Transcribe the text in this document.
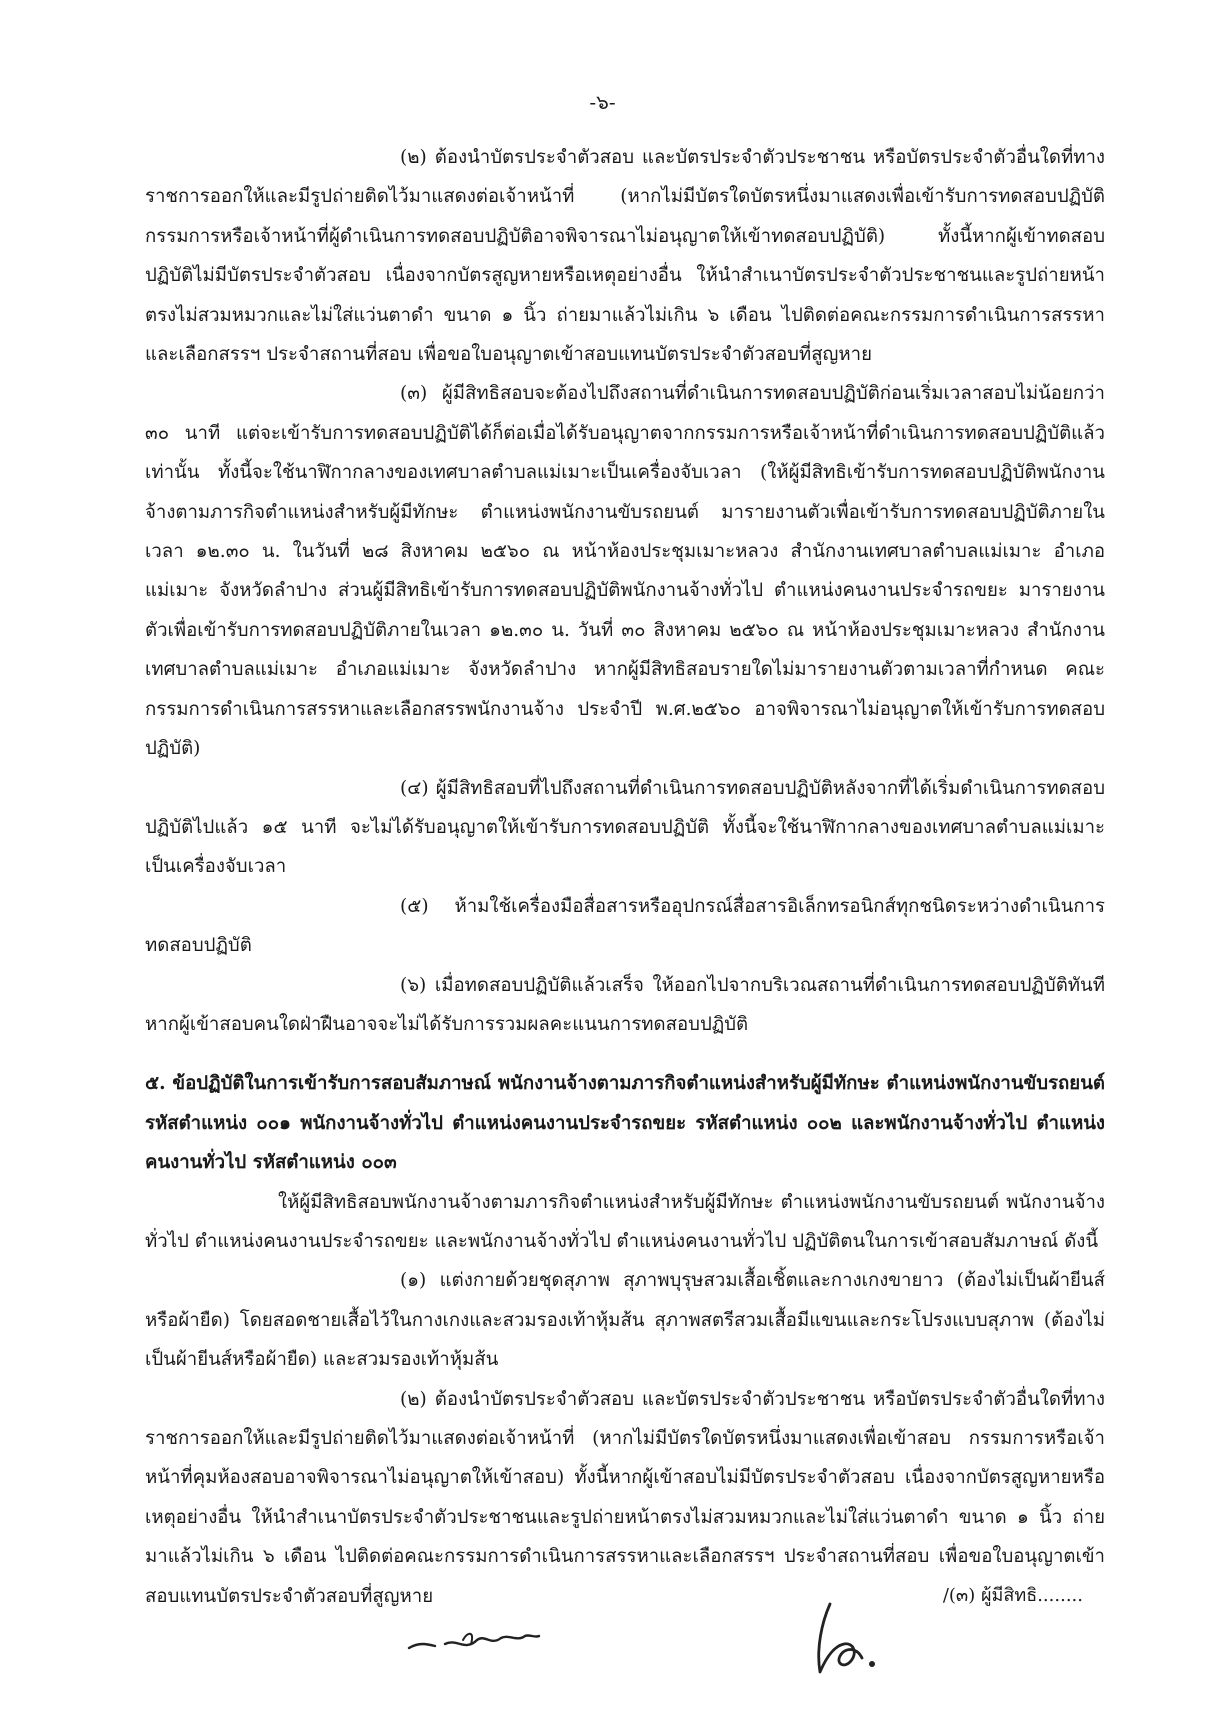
-๖-

(๒) ต้องนำบัตรประจำตัวสอบ และบัตรประจำตัวประชาชน หรือบัตรประจำตัวอื่นใดที่ทางราชการออกให้และมีรูปถ่ายติดไว้มาแสดงต่อเจ้าหน้าที่ (หากไม่มีบัตรใดบัตรหนึ่งมาแสดงเพื่อเข้ารับการทดสอบปฏิบัติ กรรมการหรือเจ้าหน้าที่ผู้ดำเนินการทดสอบปฏิบัติอาจพิจารณาไม่อนุญาตให้เข้าทดสอบปฏิบัติ) ทั้งนี้หากผู้เข้าทดสอบปฏิบัติไม่มีบัตรประจำตัวสอบ เนื่องจากบัตรสูญหายหรือเหตุอย่างอื่น ให้นำสำเนาบัตรประจำตัวประชาชนและรูปถ่ายหน้าตรงไม่สวมหมวกและไม่ใส่แว่นตาดำ ขนาด ๑ นิ้ว ถ่ายมาแล้วไม่เกิน ๖ เดือน ไปติดต่อคณะกรรมการดำเนินการสรรหาและเลือกสรรฯ ประจำสถานที่สอบ เพื่อขอใบอนุญาตเข้าสอบแทนบัตรประจำตัวสอบที่สูญหาย

(๓) ผู้มีสิทธิสอบจะต้องไปถึงสถานที่ดำเนินการทดสอบปฏิบัติก่อนเริ่มเวลาสอบไม่น้อยกว่า ๓๐ นาที แต่จะเข้ารับการทดสอบปฏิบัติได้ก็ต่อเมื่อได้รับอนุญาตจากกรรมการหรือเจ้าหน้าที่ดำเนินการทดสอบปฏิบัติแล้วเท่านั้น ทั้งนี้จะใช้นาฬิกากลางของเทศบาลตำบลแม่เมาะเป็นเครื่องจับเวลา (ให้ผู้มีสิทธิเข้ารับการทดสอบปฏิบัติพนักงานจ้างตามภารกิจตำแหน่งสำหรับผู้มีทักษะ ตำแหน่งพนักงานขับรถยนต์ มารายงานตัวเพื่อเข้ารับการทดสอบปฏิบัติภายในเวลา ๑๒.๓๐ น. ในวันที่ ๒๘ สิงหาคม ๒๕๖๐ ณ หน้าห้องประชุมเมาะหลวง สำนักงานเทศบาลตำบลแม่เมาะ อำเภอแม่เมาะ จังหวัดลำปาง ส่วนผู้มีสิทธิเข้ารับการทดสอบปฏิบัติพนักงานจ้างทั่วไป ตำแหน่งคนงานประจำรถขยะ มารายงานตัวเพื่อเข้ารับการทดสอบปฏิบัติภายในเวลา ๑๒.๓๐ น. วันที่ ๓๐ สิงหาคม ๒๕๖๐ ณ หน้าห้องประชุมเมาะหลวง สำนักงานเทศบาลตำบลแม่เมาะ อำเภอแม่เมาะ จังหวัดลำปาง หากผู้มีสิทธิสอบรายใดไม่มารายงานตัวตามเวลาที่กำหนด คณะกรรมการดำเนินการสรรหาและเลือกสรรพนักงานจ้าง ประจำปี พ.ศ.๒๕๖๐ อาจพิจารณาไม่อนุญาตให้เข้ารับการทดสอบปฏิบัติ)

(๔) ผู้มีสิทธิสอบที่ไปถึงสถานที่ดำเนินการทดสอบปฏิบัติหลังจากที่ได้เริ่มดำเนินการทดสอบปฏิบัติไปแล้ว ๑๕ นาที จะไม่ได้รับอนุญาตให้เข้ารับการทดสอบปฏิบัติ ทั้งนี้จะใช้นาฬิกากลางของเทศบาลตำบลแม่เมาะเป็นเครื่องจับเวลา

(๕) ห้ามใช้เครื่องมือสื่อสารหรืออุปกรณ์สื่อสารอิเล็กทรอนิกส์ทุกชนิดระหว่างดำเนินการทดสอบปฏิบัติ

(๖) เมื่อทดสอบปฏิบัติแล้วเสร็จ ให้ออกไปจากบริเวณสถานที่ดำเนินการทดสอบปฏิบัติทันที หากผู้เข้าสอบคนใดฝ่าฝืนอาจจะไม่ได้รับการรวมผลคะแนนการทดสอบปฏิบัติ

๕. ข้อปฏิบัติในการเข้ารับการสอบสัมภาษณ์ พนักงานจ้างตามภารกิจตำแหน่งสำหรับผู้มีทักษะ ตำแหน่งพนักงานขับรถยนต์ รหัสตำแหน่ง ๐๐๑ พนักงานจ้างทั่วไป ตำแหน่งคนงานประจำรถขยะ รหัสตำแหน่ง ๐๐๒ และพนักงานจ้างทั่วไป ตำแหน่งคนงานทั่วไป รหัสตำแหน่ง ๐๐๓

ให้ผู้มีสิทธิสอบพนักงานจ้างตามภารกิจตำแหน่งสำหรับผู้มีทักษะ ตำแหน่งพนักงานขับรถยนต์ พนักงานจ้างทั่วไป ตำแหน่งคนงานประจำรถขยะ และพนักงานจ้างทั่วไป ตำแหน่งคนงานทั่วไป ปฏิบัติตนในการเข้าสอบสัมภาษณ์ ดังนี้

(๑) แต่งกายด้วยชุดสุภาพ สุภาพบุรุษสวมเสื้อเชิ้ตและกางเกงขายาว (ต้องไม่เป็นผ้ายีนส์หรือผ้ายืด) โดยสอดชายเสื้อไว้ในกางเกงและสวมรองเท้าหุ้มส้น สุภาพสตรีสวมเสื้อมีแขนและกระโปรงแบบสุภาพ (ต้องไม่เป็นผ้ายีนส์หรือผ้ายืด) และสวมรองเท้าหุ้มส้น

(๒) ต้องนำบัตรประจำตัวสอบ และบัตรประจำตัวประชาชน หรือบัตรประจำตัวอื่นใดที่ทางราชการออกให้และมีรูปถ่ายติดไว้มาแสดงต่อเจ้าหน้าที่ (หากไม่มีบัตรใดบัตรหนึ่งมาแสดงเพื่อเข้าสอบ กรรมการหรือเจ้าหน้าที่คุมห้องสอบอาจพิจารณาไม่อนุญาตให้เข้าสอบ) ทั้งนี้หากผู้เข้าสอบไม่มีบัตรประจำตัวสอบ เนื่องจากบัตรสูญหายหรือเหตุอย่างอื่น ให้นำสำเนาบัตรประจำตัวประชาชนและรูปถ่ายหน้าตรงไม่สวมหมวกและไม่ใส่แว่นตาดำ ขนาด ๑ นิ้ว ถ่ายมาแล้วไม่เกิน ๖ เดือน ไปติดต่อคณะกรรมการดำเนินการสรรหาและเลือกสรรฯ ประจำสถานที่สอบ เพื่อขอใบอนุญาตเข้าสอบแทนบัตรประจำตัวสอบที่สูญหาย	/(๓) ผู้มีสิทธิ........
